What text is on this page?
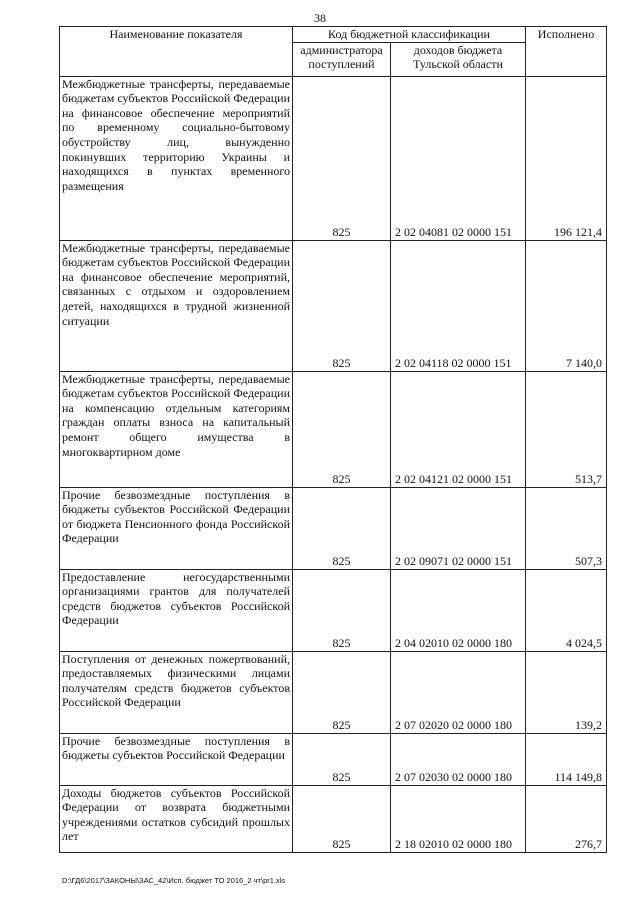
38
Наименование показателя	Код бюджетной классификации		Исполнено
	администратора поступлений	доходов бюджета Тульской области	
Межбюджетные трансферты, передаваемые бюджетам субъектов Российской Федерации на финансовое обеспечение мероприятий по временному социально-бытовому обустройству лиц, вынужденно покинувших территорию Украины и находящихся в пунктах временного размещения	825	2 02 04081 02 0000 151	196 121,4
Межбюджетные трансферты, передаваемые бюджетам субъектов Российской Федерации на финансовое обеспечение мероприятий, связанных с отдыхом и оздоровлением детей, находящихся в трудной жизненной ситуации	825	2 02 04118 02 0000 151	7 140,0
Межбюджетные трансферты, передаваемые бюджетам субъектов Российской Федерации на компенсацию отдельным категориям граждан оплаты взноса на капитальный ремонт общего имущества в многоквартирном доме	825	2 02 04121 02 0000 151	513,7
Прочие безвозмездные поступления в бюджеты субъектов Российской Федерации от бюджета Пенсионного фонда Российской Федерации	825	2 02 09071 02 0000 151	507,3
Предоставление негосударственными организациями грантов для получателей средств бюджетов субъектов Российской Федерации	825	2 04 02010 02 0000 180	4 024,5
Поступления от денежных пожертвований, предоставляемых физическими лицами получателям средств бюджетов субъектов Российской Федерации	825	2 07 02020 02 0000 180	139,2
Прочие безвозмездные поступления в бюджеты субъектов Российской Федерации	825	2 07 02030 02 0000 180	114 149,8
Доходы бюджетов субъектов Российской Федерации от возврата бюджетными учреждениями остатков субсидий прошлых лет	825	2 18 02010 02 0000 180	276,7
D:\ГД6\2017\ЗАКОНЫ\ЗАС_42\Исп. бюджет ТО 2016_2 чт\pr1.xls
